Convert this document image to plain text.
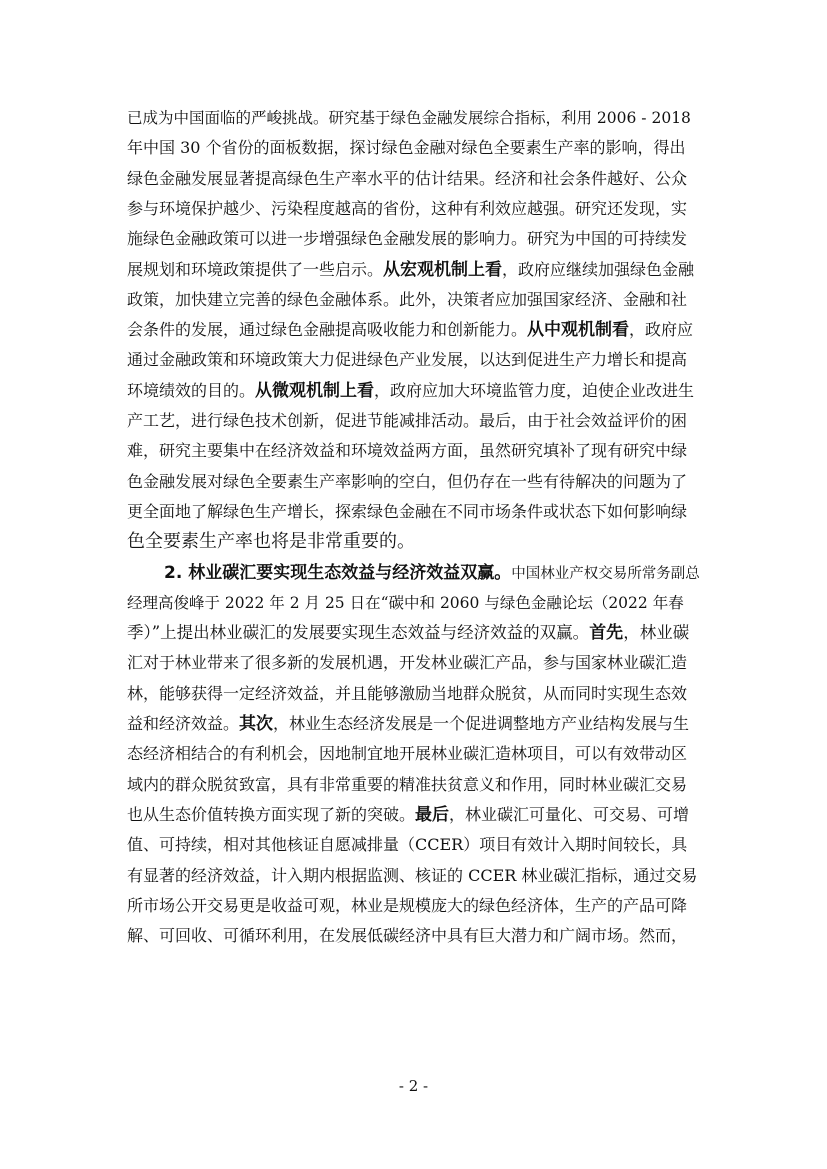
已成为中国面临的严峻挑战。研究基于绿色金融发展综合指标，利用 2006 - 2018
年中国 30 个省份的面板数据，探讨绿色金融对绿色全要素生产率的影响，得出
绿色金融发展显著提高绿色生产率水平的估计结果。经济和社会条件越好、公众
参与环境保护越少、污染程度越高的省份，这种有利效应越强。研究还发现，实
施绿色金融政策可以进一步增强绿色金融发展的影响力。研究为中国的可持续发
展规划和环境政策提供了一些启示。从宏观机制上看，政府应继续加强绿色金融
政策，加快建立完善的绿色金融体系。此外，决策者应加强国家经济、金融和社
会条件的发展，通过绿色金融提高吸收能力和创新能力。从中观机制看，政府应
通过金融政策和环境政策大力促进绿色产业发展，以达到促进生产力增长和提高
环境绩效的目的。从微观机制上看，政府应加大环境监管力度，迫使企业改进生
产工艺，进行绿色技术创新，促进节能减排活动。最后，由于社会效益评价的困
难，研究主要集中在经济效益和环境效益两方面，虽然研究填补了现有研究中绿
色金融发展对绿色全要素生产率影响的空白，但仍存在一些有待解决的问题为了
更全面地了解绿色生产增长，探索绿色金融在不同市场条件或状态下如何影响绿
色全要素生产率也将是非常重要的。
2. 林业碳汇要实现生态效益与经济效益双赢。中国林业产权交易所常务副总
经理高俊峰于 2022 年 2 月 25 日在“碳中和 2060 与绿色金融论坛（2022 年春
季）”上提出林业碳汇的发展要实现生态效益与经济效益的双赢。首先，林业碳
汇对于林业带来了很多新的发展机遇，开发林业碳汇产品，参与国家林业碳汇造
林，能够获得一定经济效益，并且能够激励当地群众脱贫，从而同时实现生态效
益和经济效益。其次，林业生态经济发展是一个促进调整地方产业结构发展与生
态经济相结合的有利机会，因地制宜地开展林业碳汇造林项目，可以有效带动区
域内的群众脱贫致富，具有非常重要的精准扶贫意义和作用，同时林业碳汇交易
也从生态价值转换方面实现了新的突破。最后，林业碳汇可量化、可交易、可增
值、可持续，相对其他核证自愿减排量（CCER）项目有效计入期时间较长，具
有显著的经济效益，计入期内根据监测、核证的 CCER 林业碳汇指标，通过交易
所市场公开交易更是收益可观，林业是规模庞大的绿色经济体，生产的产品可降
解、可回收、可循环利用，在发展低碳经济中具有巨大潜力和广阔市场。然而，
- 2 -
